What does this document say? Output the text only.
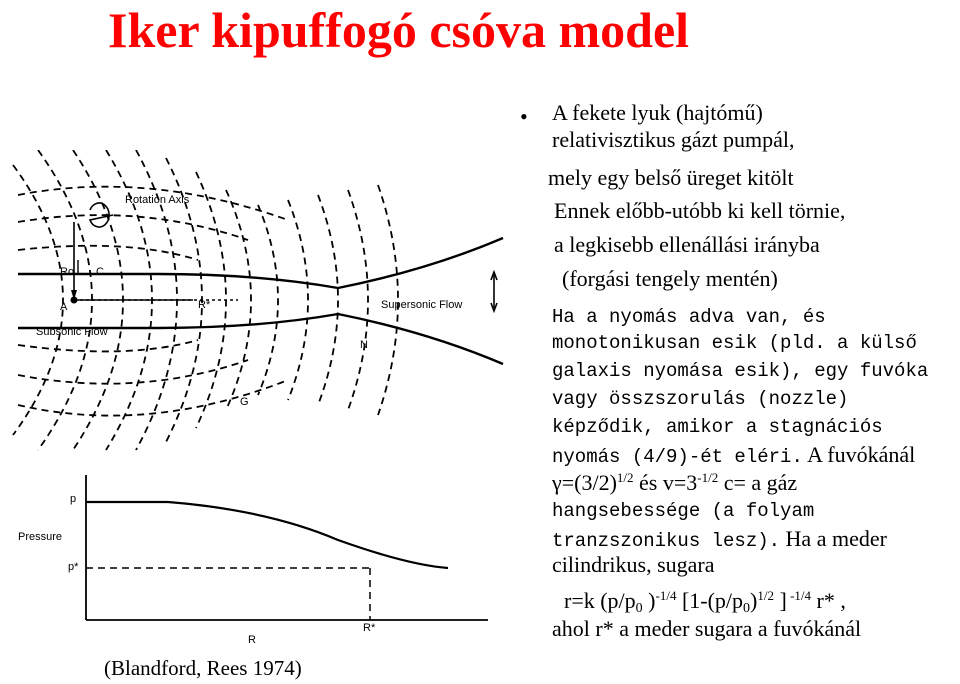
Iker kipuffogó csóva model
Rotation Axis
Ro C
A	R*
Subsonic Flow
Supersonic Flow
N
G
p
Pressure
p*
R
R*
(Blandford, Rees 1974)
• A fekete lyuk (hajtómű)
relativisztikus gázt pumpál,
mely egy belső üreget kitölt
Ennek előbb-utóbb ki kell törnie,
a legkisebb ellenállási irányba
(forgási tengely mentén)
Ha a nyomás adva van, és
monotonikusan esik (pld. a külső
galaxis nyomása esik), egy fuvóka
vagy összszorulás (nozzle)
képződik, amikor a stagnációs
nyomás (4/9)-ét eléri. A fuvókánál
$\gamma=(3/2)^{1/2}$ és $v=3^{-1/2}$ c= a gáz
hangsebessége (a folyam
tranzszonikus lesz). Ha a meder
cilindrikus, sugara
r=k ($p/p_0$ )$^{-1/4}$ [$1-(p/p_0)^{1/2}$ ] $^{-1/4}$ r* ,
ahol r* a meder sugara a fuvókánál
